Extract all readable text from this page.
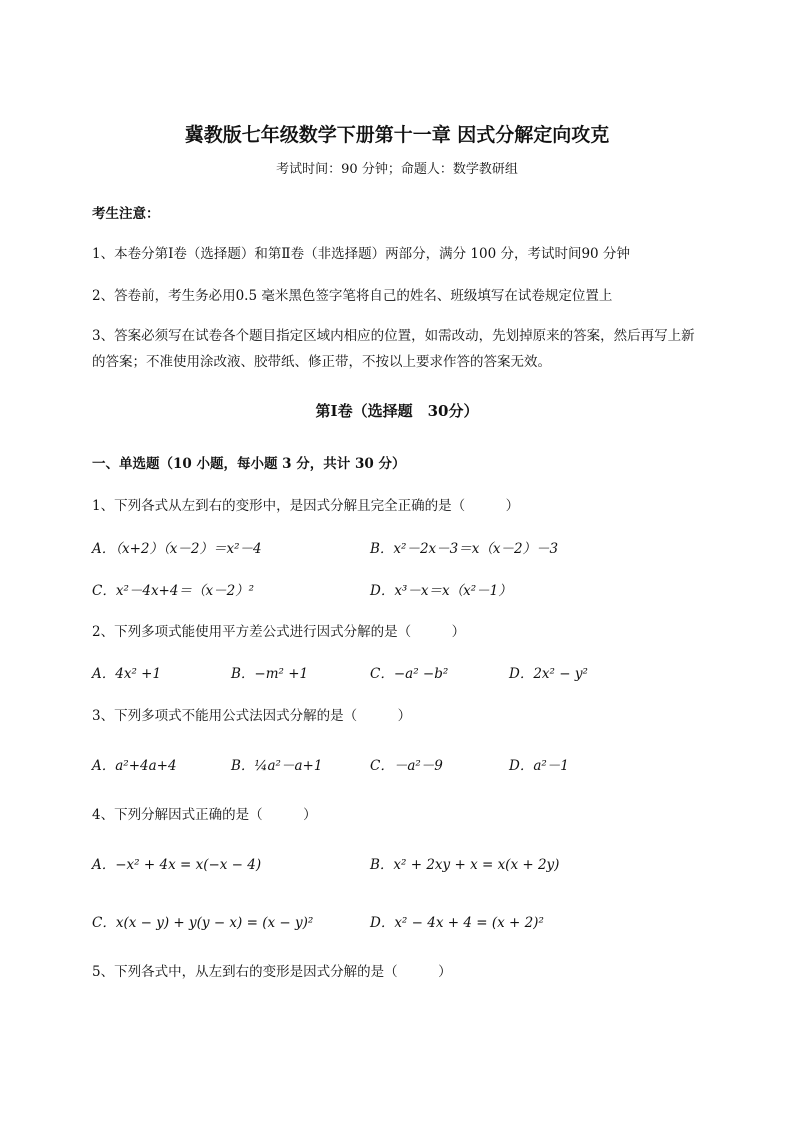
冀教版七年级数学下册第十一章 因式分解定向攻克
考试时间：90 分钟；命题人：数学教研组
考生注意：
1、本卷分第Ⅰ卷（选择题）和第Ⅱ卷（非选择题）两部分，满分 100 分，考试时间90 分钟
2、答卷前，考生务必用0.5 毫米黑色签字笔将自己的姓名、班级填写在试卷规定位置上
3、答案必须写在试卷各个题目指定区域内相应的位置，如需改动，先划掉原来的答案，然后再写上新的答案；不准使用涂改液、胶带纸、修正带，不按以上要求作答的答案无效。
第Ⅰ卷（选择题　30分）
一、单选题（10 小题，每小题 3 分，共计 30 分）
1、下列各式从左到右的变形中，是因式分解且完全正确的是（　　　）
A．（x+2）（x－2）＝x²－4	B．x²－2x－3＝x（x－2）－3
C．x²－4x+4＝（x－2）²	D．x³－x＝x（x²－1）
2、下列多项式能使用平方差公式进行因式分解的是（　　　）
A．4x² +1	B．−m² +1	C．−a² −b²	D．2x² − y²
3、下列多项式不能用公式法因式分解的是（　　　）
A．a²+4a+4	B．¼a²－a+1	C．－a²－9	D．a²－1
4、下列分解因式正确的是（　　　）
A．−x² + 4x = x(−x − 4)	B．x² + 2xy + x = x(x + 2y)
C．x(x − y) + y(y − x) = (x − y)²	D．x² − 4x + 4 = (x + 2)²
5、下列各式中，从左到右的变形是因式分解的是（　　　）
